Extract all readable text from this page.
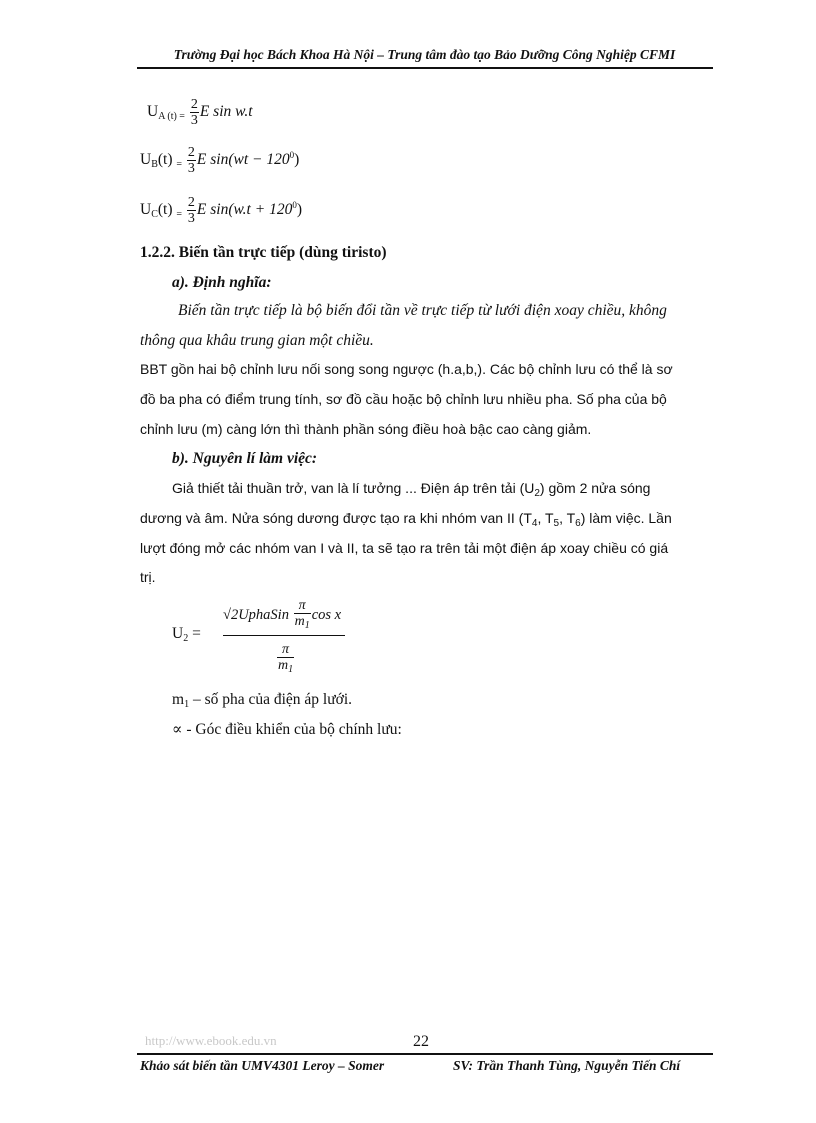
Trường Đại học Bách Khoa Hà Nội – Trung tâm đào tạo Bảo Dưỡng Công Nghiệp CFMI
$U_{A (t) =} \frac{2}{3}$ E sin w.t
$U_B(t)$ $_= \frac{2}{3}$ E $\sin(wt - 120^0)$
$U_C(t)$ $_= \frac{2}{3}$ E $\sin(w.t + 120^0)$
1.2.2. Biến tần trực tiếp (dùng tiristo)
a). Định nghĩa:
Biến tần trực tiếp là bộ biến đổi tần về trực tiếp từ lưới điện xoay chiều, không
thông qua khâu trung gian một chiều.
BBT gồn hai bộ chỉnh lưu nối song song ngược (h.a,b,). Các bộ chỉnh lưu có thể là sơ
đồ ba pha có điểm trung tính, sơ đồ cầu hoặc bộ chỉnh lưu nhiều pha. Số pha của bộ
chỉnh lưu (m) càng lớn thì thành phần sóng điều hoà bậc cao càng giảm.
b). Nguyên lí làm việc:
Giả thiết tải thuần trở, van là lí tưởng ... Điện áp trên tải $(U_2)$ gồm 2 nửa sóng
dương và âm. Nửa sóng dương được tạo ra khi nhóm van II ($T_4$, $T_5$, $T_6$) làm việc. Lần
lượt đóng mở các nhóm van I và II, ta sẽ tạo ra trên tải một điện áp xoay chiều có giá
trị.
$U_2$ =
√2UphaSin $\frac{\pi}{m_1}$ cos x
$\frac{\pi}{m_1}$
$m_1$ – số pha của điện áp lưới.
∝ - Góc điều khiển của bộ chính lưu:
http://www.ebook.edu.vn	22
Khảo sát biến tần UMV4301 Leroy – Somer	SV: Trần Thanh Tùng, Nguyễn Tiến Chí
